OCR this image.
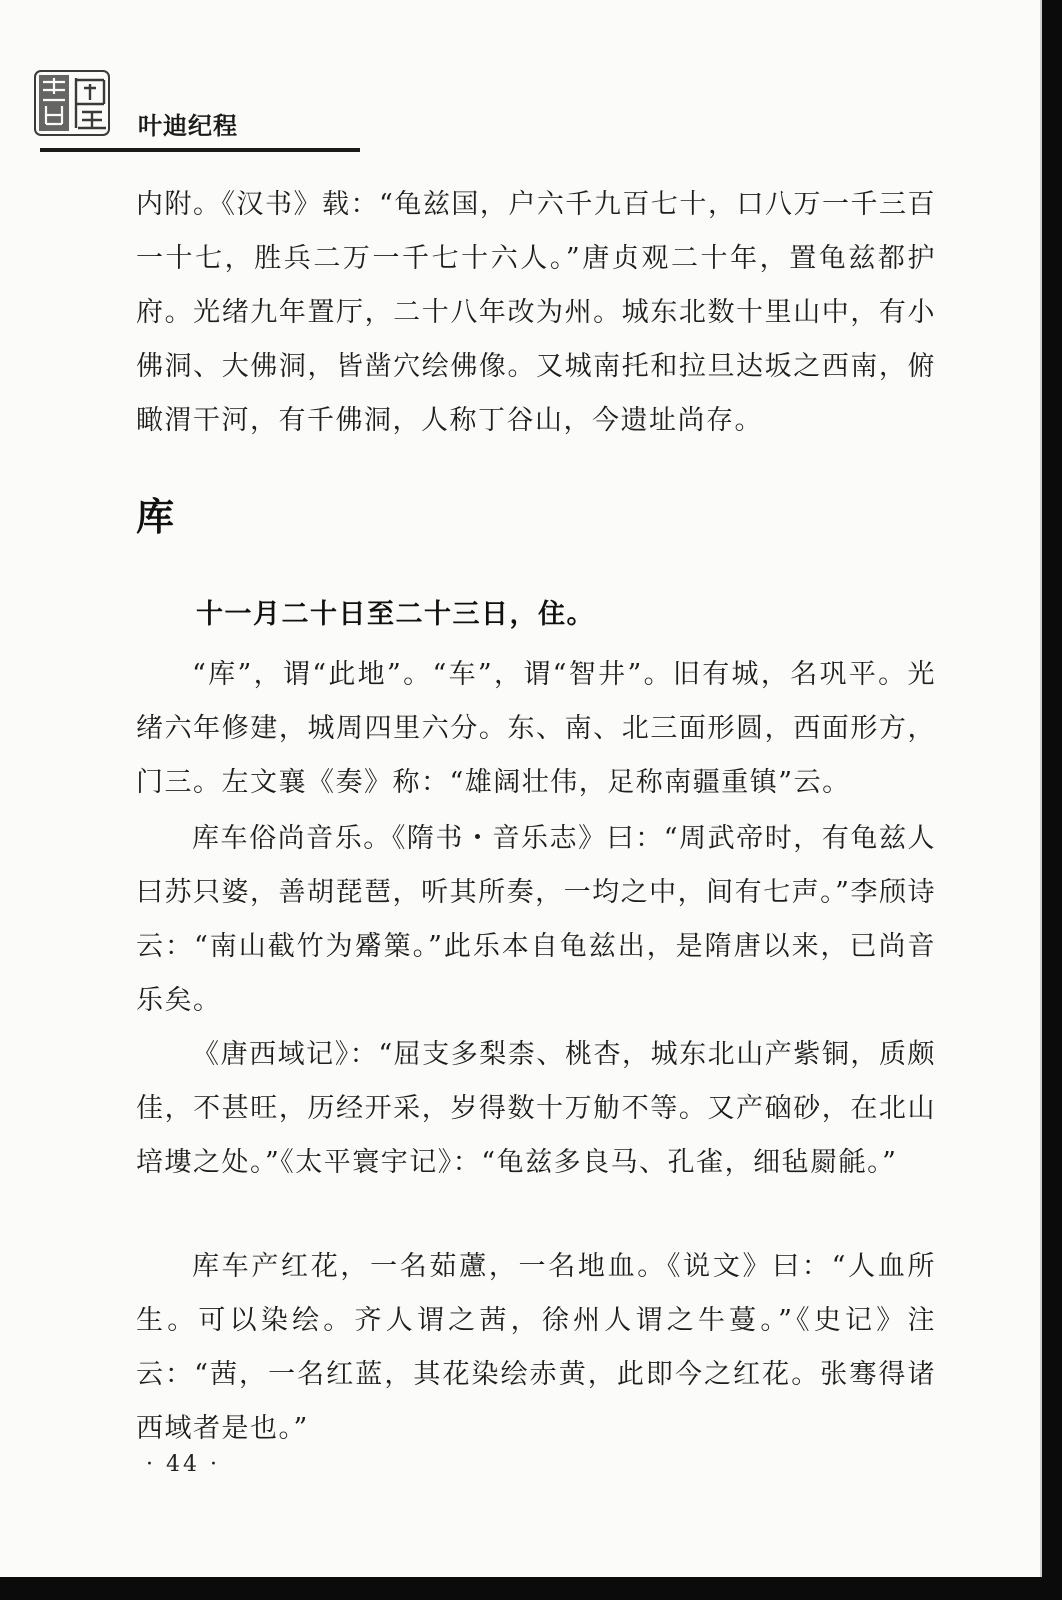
叶迪纪程

内附。《汉书》载：“龟兹国，户六千九百七十，口八万一千三百一十七，胜兵二万一千七十六人。”唐贞观二十年，置龟兹都护府。光绪九年置厅，二十八年改为州。城东北数十里山中，有小佛洞、大佛洞，皆凿穴绘佛像。又城南托和拉旦达坂之西南，俯瞰渭干河，有千佛洞，人称丁谷山，今遗址尚存。

库
十一月二十日至二十三日，住。

“库”，谓“此地”。“车”，谓“智井”。旧有城，名巩平。光绪六年修建，城周四里六分。东、南、北三面形圆，西面形方，门三。左文襄《奏》称：“雄阔壮伟，足称南疆重镇”云。

库车俗尚音乐。《隋书・音乐志》曰：“周武帝时，有龟兹人曰苏只婆，善胡琵琶，听其所奏，一均之中，间有七声。”李颀诗云：“南山截竹为觱篥。”此乐本自龟兹出，是隋唐以来，已尚音乐矣。

《唐西域记》：“屈支多梨柰、桃杏，城东北山产紫铜，质颇佳，不甚旺，历经开采，岁得数十万觔不等。又产硇砂，在北山培塿之处。”《太平寰宇记》：“龟兹多良马、孔雀，细毡罽毹。”

库车产红花，一名茹藘，一名地血。《说文》曰：“人血所生。可以染绘。齐人谓之茜，徐州人谓之牛蔓。”《史记》注云：“茜，一名红蓝，其花染绘赤黄，此即今之红花。张骞得诸西域者是也。”

· 44 ·
